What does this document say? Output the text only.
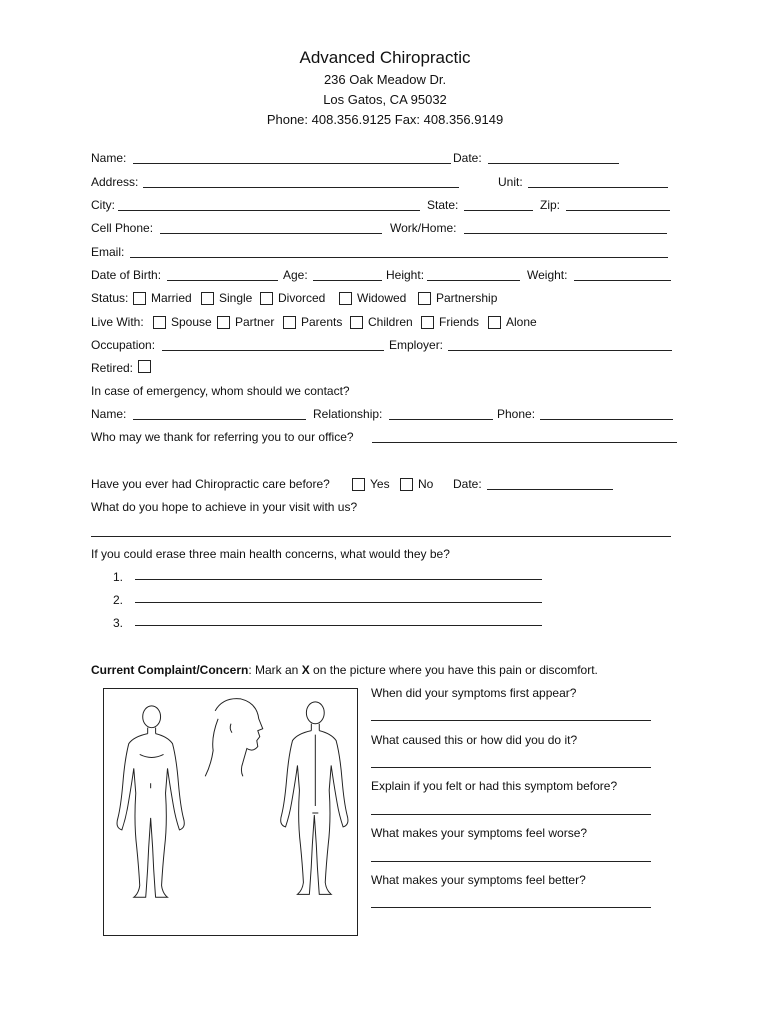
Advanced Chiropractic
236 Oak Meadow Dr.
Los Gatos, CA 95032
Phone: 408.356.9125 Fax: 408.356.9149
Name:	Date:
Address:	Unit:
City:	State:	Zip:
Cell Phone:	Work/Home:
Email:
Date of Birth:	Age:	Height:	Weight:
Status: Married Single Divorced	Widowed Partnership
Live With: Spouse Partner Parents Children Friends Alone
Occupation:	Employer:
Retired:
In case of emergency, whom should we contact?
Name:	Relationship:	Phone:
Who may we thank for referring you to our office?
Have you ever had Chiropractic care before?	Yes No Date:
What do you hope to achieve in your visit with us?
If you could erase three main health concerns, what would they be?
1.
2.
3.
Current Complaint/Concern: Mark an X on the picture where you have this pain or discomfort.
When did your symptoms first appear?
What caused this or how did you do it?
Explain if you felt or had this symptom before?
What makes your symptoms feel worse?
What makes your symptoms feel better?
